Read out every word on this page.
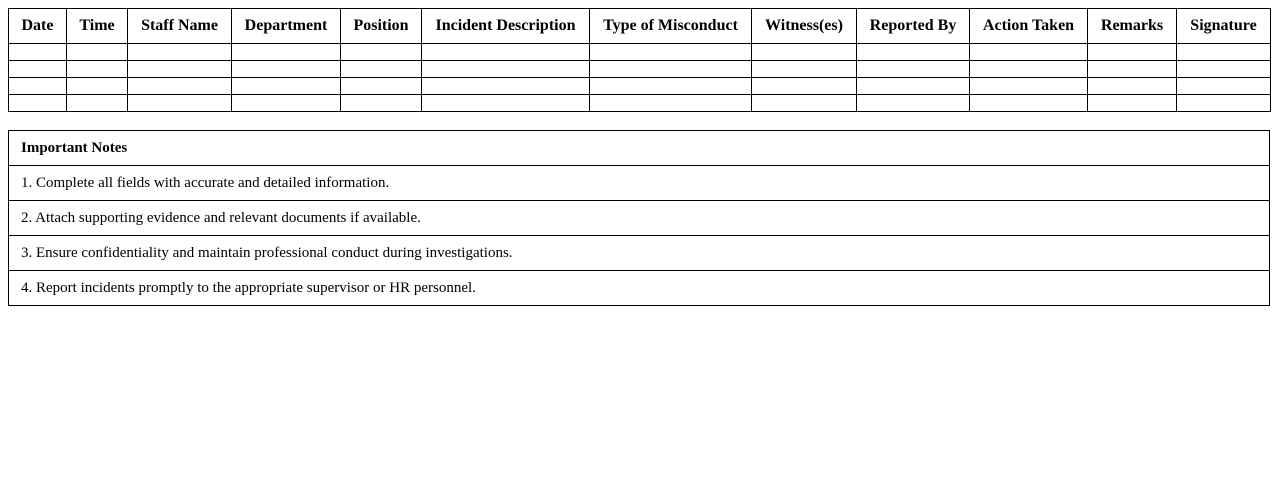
Date	Time	Staff Name	Department	Position	Incident Description	Type of Misconduct	Witness(es)	Reported By	Action Taken	Remarks	Signature

Important Notes
1. Complete all fields with accurate and detailed information.
2. Attach supporting evidence and relevant documents if available.
3. Ensure confidentiality and maintain professional conduct during investigations.
4. Report incidents promptly to the appropriate supervisor or HR personnel.
